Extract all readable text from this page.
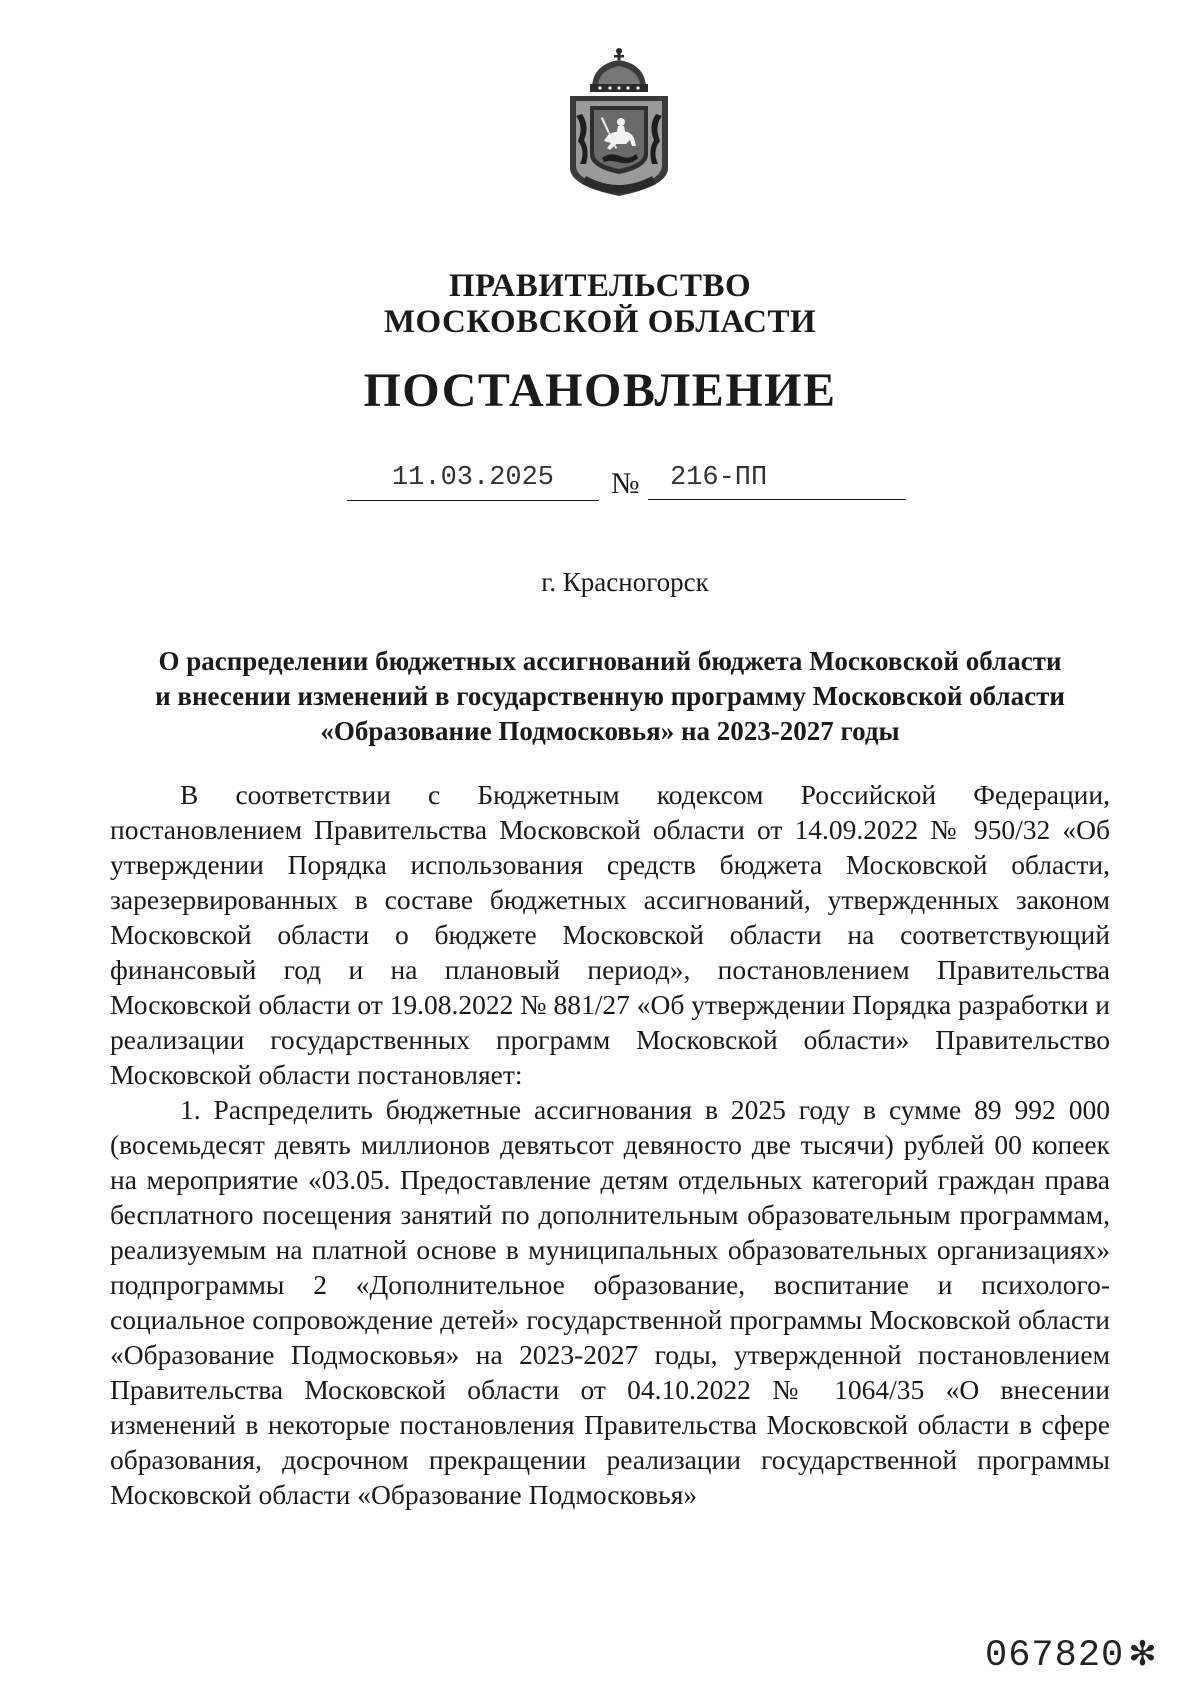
ПРАВИТЕЛЬСТВО
МОСКОВСКОЙ ОБЛАСТИ
ПОСТАНОВЛЕНИЕ
11.03.2025	№	216-ПП
г. Красногорск
О распределении бюджетных ассигнований бюджета Московской области
и внесении изменений в государственную программу Московской области
«Образование Подмосковья» на 2023-2027 годы

В соответствии с Бюджетным кодексом Российской Федерации, постановлением Правительства Московской области от 14.09.2022 № 950/32 «Об утверждении Порядка использования средств бюджета Московской области, зарезервированных в составе бюджетных ассигнований, утвержденных законом Московской области о бюджете Московской области на соответствующий финансовый год и на плановый период», постановлением Правительства Московской области от 19.08.2022 № 881/27 «Об утверждении Порядка разработки и реализации государственных программ Московской области» Правительство Московской области постановляет:

1. Распределить бюджетные ассигнования в 2025 году в сумме 89 992 000 (восемьдесят девять миллионов девятьсот девяносто две тысячи) рублей 00 копеек на мероприятие «03.05. Предоставление детям отдельных категорий граждан права бесплатного посещения занятий по дополнительным образовательным программам, реализуемым на платной основе в муниципальных образовательных организациях» подпрограммы 2 «Дополнительное образование, воспитание и психолого-социальное сопровождение детей» государственной программы Московской области «Образование Подмосковья» на 2023-2027 годы, утвержденной постановлением Правительства Московской области от 04.10.2022 № 1064/35 «О внесении изменений в некоторые постановления Правительства Московской области в сфере образования, досрочном прекращении реализации государственной программы Московской области «Образование Подмосковья»

067820 ✻
